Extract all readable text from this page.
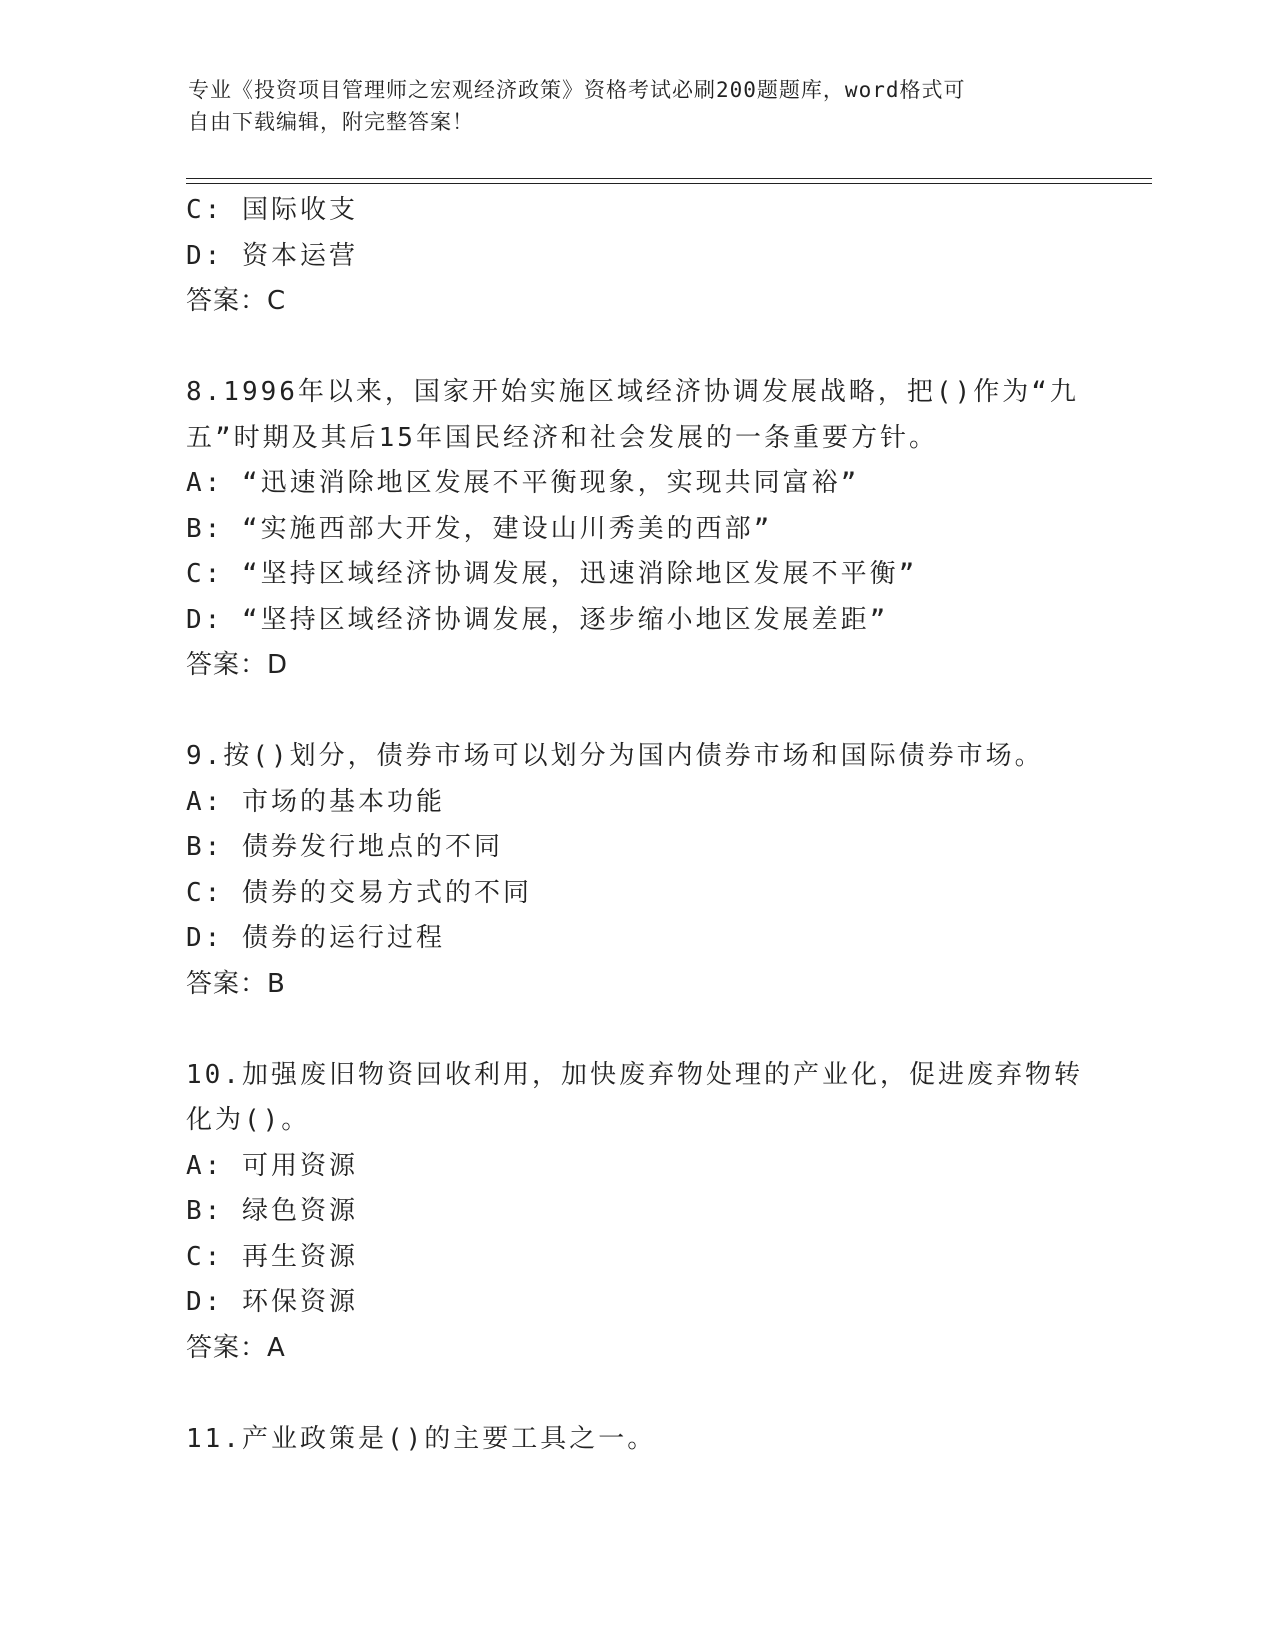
专业《投资项目管理师之宏观经济政策》资格考试必刷200题题库，word格式可
自由下载编辑，附完整答案！
C: 国际收支
D: 资本运营
答案：C
8.1996年以来，国家开始实施区域经济协调发展战略，把()作为“九
五”时期及其后15年国民经济和社会发展的一条重要方针。
A: “迅速消除地区发展不平衡现象，实现共同富裕”
B: “实施西部大开发，建设山川秀美的西部”
C: “坚持区域经济协调发展，迅速消除地区发展不平衡”
D: “坚持区域经济协调发展，逐步缩小地区发展差距”
答案：D
9.按()划分，债券市场可以划分为国内债券市场和国际债券市场。
A: 市场的基本功能
B: 债券发行地点的不同
C: 债券的交易方式的不同
D: 债券的运行过程
答案：B
10.加强废旧物资回收利用，加快废弃物处理的产业化，促进废弃物转
化为()。
A: 可用资源
B: 绿色资源
C: 再生资源
D: 环保资源
答案：A
11.产业政策是()的主要工具之一。
